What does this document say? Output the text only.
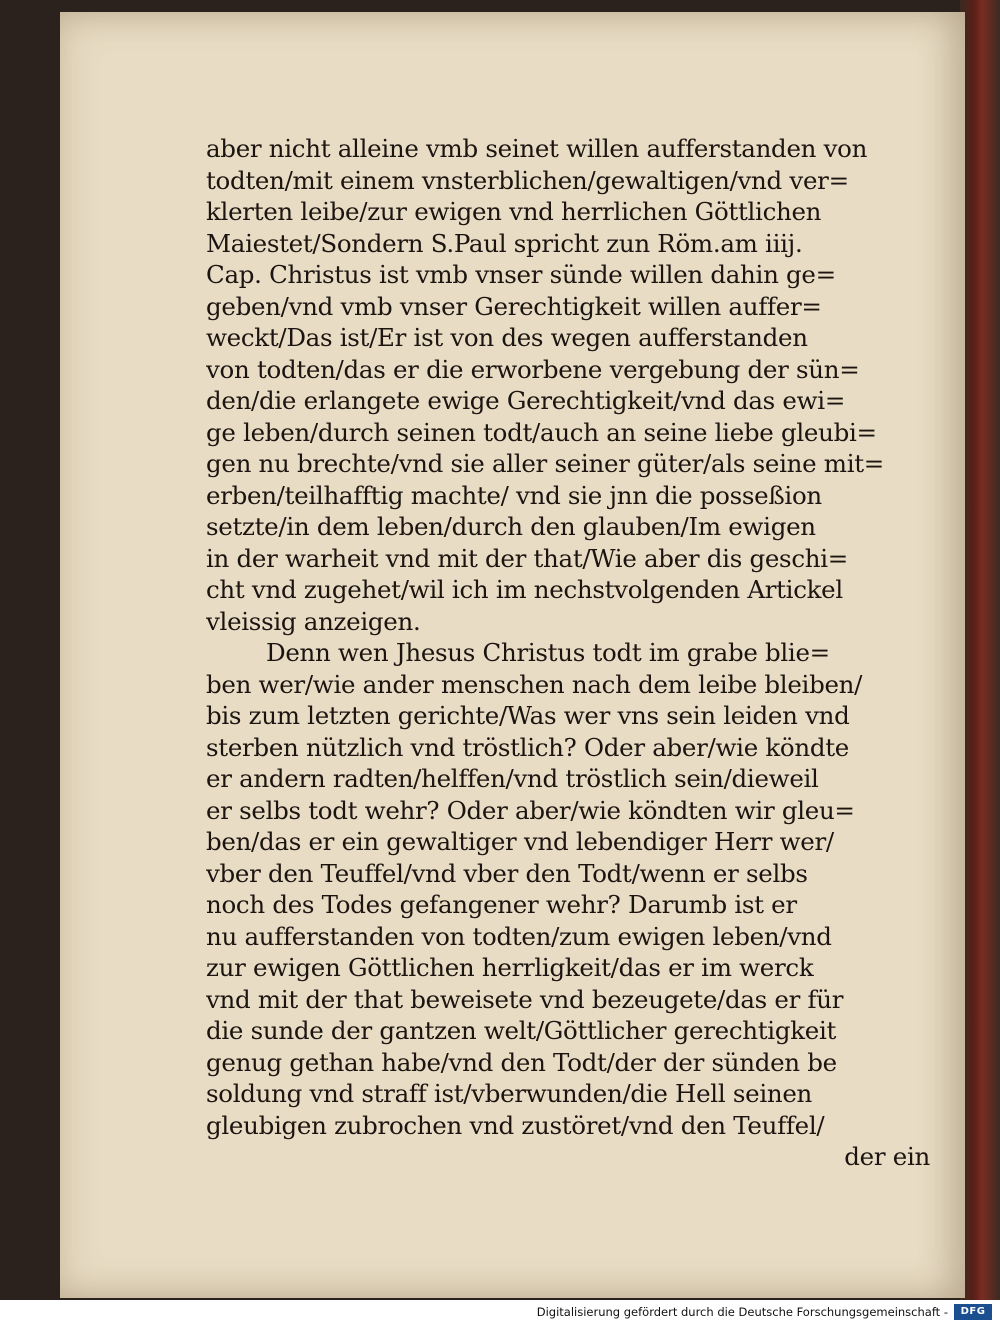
aber nicht alleine vmb seinet willen aufferstanden von
todten/mit einem vnsterblichen/gewaltigen/vnd ver=
klerten leibe/zur ewigen vnd herrlichen Göttlichen
Maiestet/Sondern S.Paul spricht zun Röm.am iiij.
Cap. Christus ist vmb vnser sünde willen dahin ge=
geben/vnd vmb vnser Gerechtigkeit willen auffer=
weckt/Das ist/Er ist von des wegen aufferstanden
von todten/das er die erworbene vergebung der sün=
den/die erlangete ewige Gerechtigkeit/vnd das ewi=
ge leben/durch seinen todt/auch an seine liebe gleubi=
gen nu brechte/vnd sie aller seiner güter/als seine mit=
erben/teilhafftig machte/ vnd sie jnn die posseßion
setzte/in dem leben/durch den glauben/Im ewigen
in der warheit vnd mit der that/Wie aber dis geschi=
cht vnd zugehet/wil ich im nechstvolgenden Artickel
vleissig anzeigen.
Denn wen Jhesus Christus todt im grabe blie=
ben wer/wie ander menschen nach dem leibe bleiben/
bis zum letzten gerichte/Was wer vns sein leiden vnd
sterben nützlich vnd tröstlich? Oder aber/wie köndte
er andern radten/helffen/vnd tröstlich sein/dieweil
er selbs todt wehr? Oder aber/wie köndten wir gleu=
ben/das er ein gewaltiger vnd lebendiger Herr wer/
vber den Teuffel/vnd vber den Todt/wenn er selbs
noch des Todes gefangener wehr? Darumb ist er
nu aufferstanden von todten/zum ewigen leben/vnd
zur ewigen Göttlichen herrligkeit/das er im werck
vnd mit der that beweisete vnd bezeugete/das er für
die sunde der gantzen welt/Göttlicher gerechtigkeit
genug gethan habe/vnd den Todt/der der sünden be
soldung vnd straff ist/vberwunden/die Hell seinen
gleubigen zubrochen vnd zustöret/vnd den Teuffel/
der ein
Digitalisierung gefördert durch die Deutsche Forschungsgemeinschaft -	DFG
